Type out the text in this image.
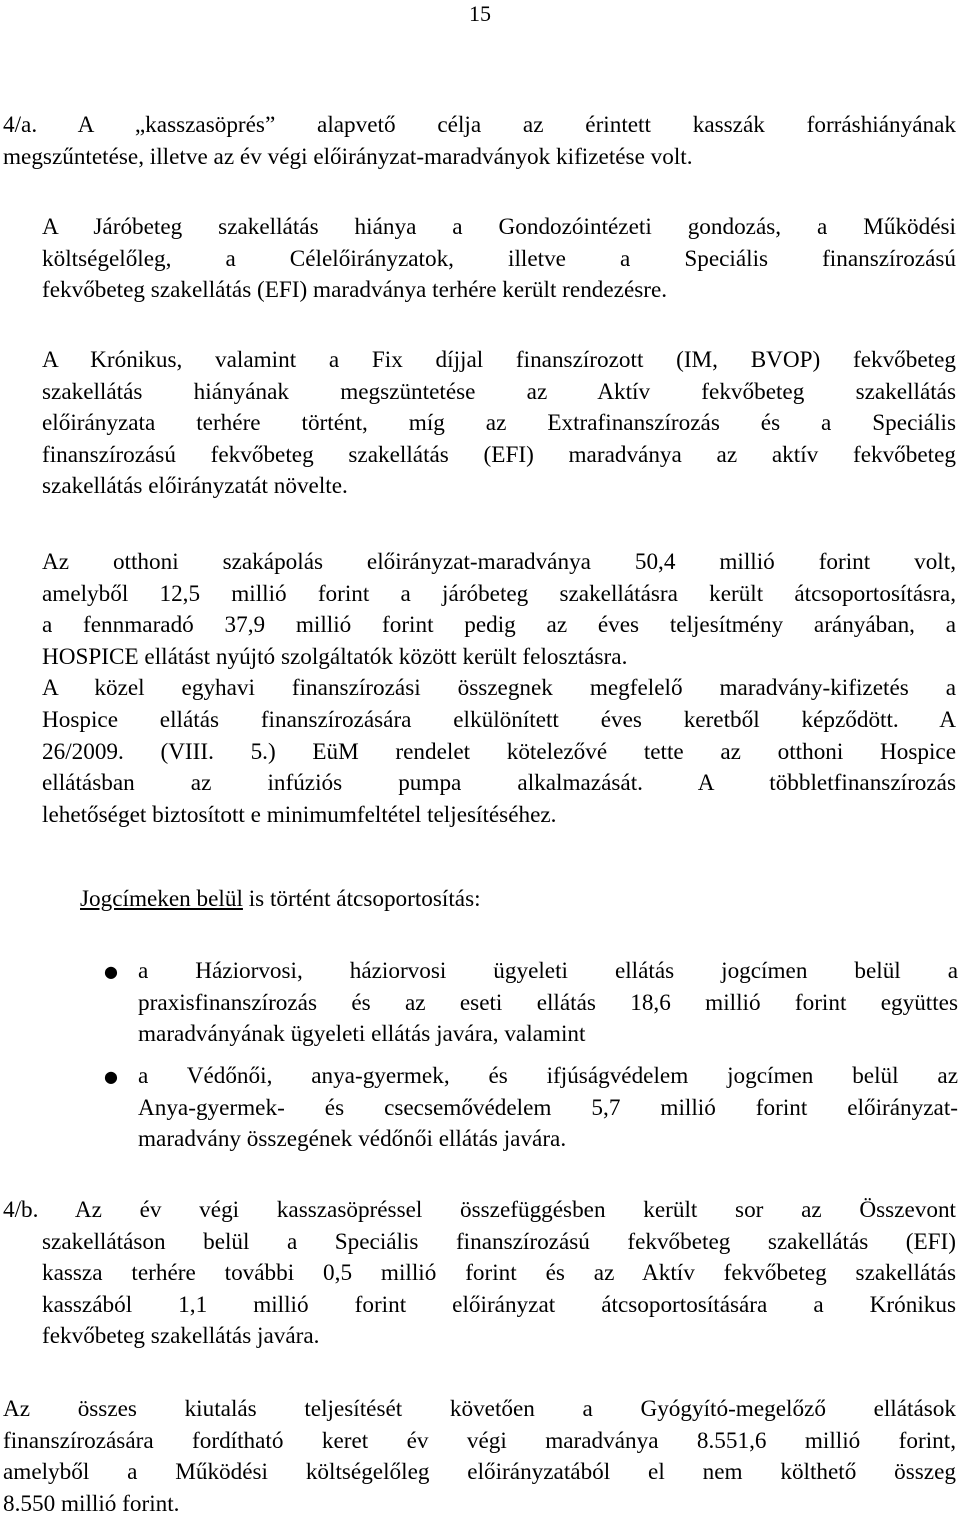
15
4/a. A „kasszasöprés” alapvető célja az érintett kasszák forráshiányának
megszűntetése, illetve az év végi előirányzat-maradványok kifizetése volt.
A Járóbeteg szakellátás hiánya a Gondozóintézeti gondozás, a Működési
költségelőleg, a Célelőirányzatok, illetve a Speciális finanszírozású
fekvőbeteg szakellátás (EFI) maradványa terhére került rendezésre.
A Krónikus, valamint a Fix díjjal finanszírozott (IM, BVOP) fekvőbeteg
szakellátás hiányának megszüntetése az Aktív fekvőbeteg szakellátás
előirányzata terhére történt, míg az Extrafinanszírozás és a Speciális
finanszírozású fekvőbeteg szakellátás (EFI) maradványa az aktív fekvőbeteg
szakellátás előirányzatát növelte.
Az otthoni szakápolás előirányzat-maradványa 50,4 millió forint volt,
amelyből 12,5 millió forint a járóbeteg szakellátásra került átcsoportosításra,
a fennmaradó 37,9 millió forint pedig az éves teljesítmény arányában, a
HOSPICE ellátást nyújtó szolgáltatók között került felosztásra.
A közel egyhavi finanszírozási összegnek megfelelő maradvány-kifizetés a
Hospice ellátás finanszírozására elkülönített éves keretből képződött. A
26/2009. (VIII. 5.) EüM rendelet kötelezővé tette az otthoni Hospice
ellátásban az infúziós pumpa alkalmazását. A többletfinanszírozás
lehetőséget biztosított e minimumfeltétel teljesítéséhez.
Jogcímeken belül is történt átcsoportosítás:
● a Háziorvosi, háziorvosi ügyeleti ellátás jogcímen belül a
praxisfinanszírozás és az eseti ellátás 18,6 millió forint együttes
maradványának ügyeleti ellátás javára, valamint
● a Védőnői, anya-gyermek, és ifjúságvédelem jogcímen belül az
Anya-gyermek- és csecsemővédelem 5,7 millió forint előirányzat-
maradvány összegének védőnői ellátás javára.
4/b. Az év végi kasszasöpréssel összefüggésben került sor az Összevont
szakellátáson belül a Speciális finanszírozású fekvőbeteg szakellátás (EFI)
kassza terhére további 0,5 millió forint és az Aktív fekvőbeteg szakellátás
kasszából 1,1 millió forint előirányzat átcsoportosítására a Krónikus
fekvőbeteg szakellátás javára.
Az összes kiutalás teljesítését követően a Gyógyító-megelőző ellátások
finanszírozására fordítható keret év végi maradványa 8.551,6 millió forint,
amelyből a Működési költségelőleg előirányzatából el nem költhető összeg
8.550 millió forint.
